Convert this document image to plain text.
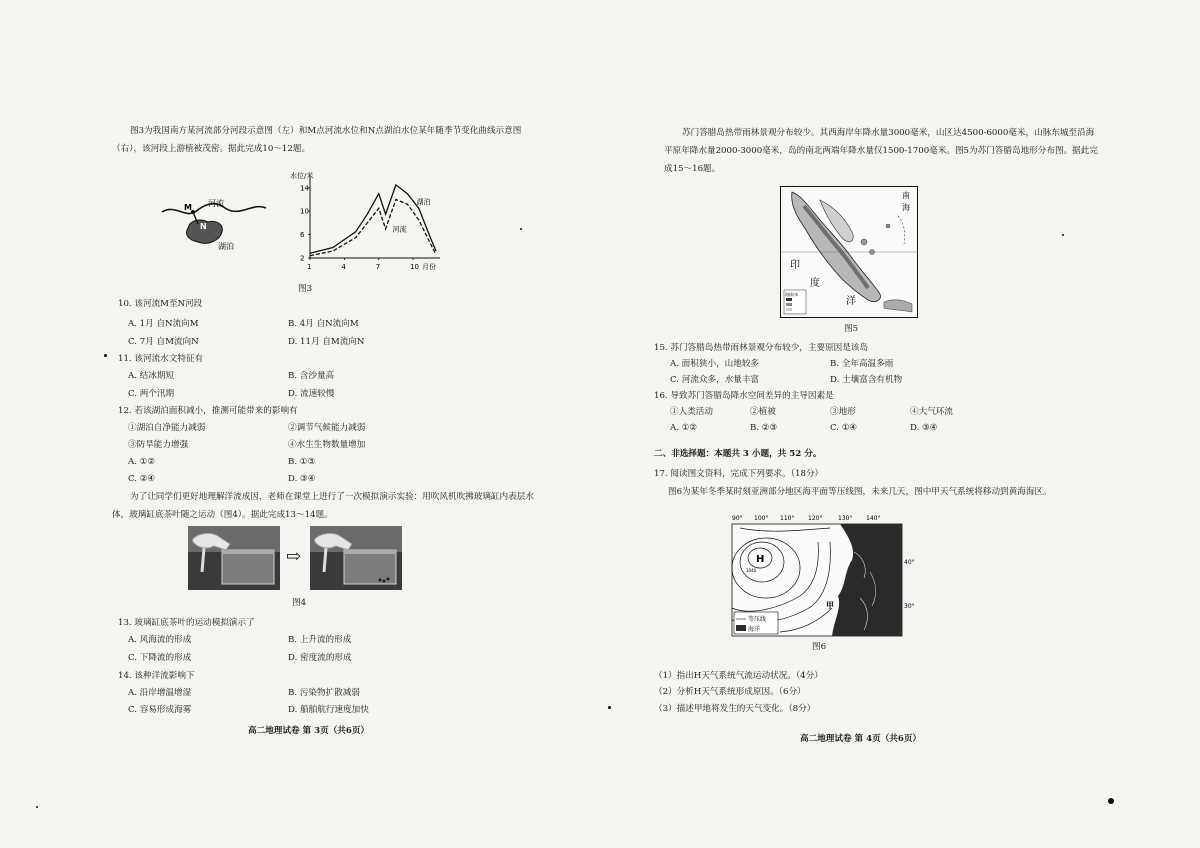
图3为我国南方某河流部分河段示意图（左）和M点河流水位和N点湖泊水位某年随季节变化曲线示意图（右），该河段上游植被茂密。据此完成10～12题。
M
N
河流
湖泊
水位/米
月份
2
6
10
14
1	4	7	10
湖泊
河流
图3
10. 该河流M至N河段
A. 1月 自N流向M	B. 4月 自N流向M
C. 7月 自M流向N	D. 11月 自M流向N
11. 该河流水文特征有
A. 结冰期短	B. 含沙量高
C. 两个汛期	D. 流速较慢
12. 若该湖泊面积减小，推测可能带来的影响有
①湖泊自净能力减弱	②调节气候能力减弱
③防旱能力增强	④水生生物数量增加
A. ①②	B. ①③
C. ②④	D. ③④
为了让同学们更好地理解洋流成因，老师在课堂上进行了一次模拟演示实验：用吹风机吹拂玻璃缸内表层水体，玻璃缸底茶叶随之运动（图4）。据此完成13～14题。
⇨
图4
13. 玻璃缸底茶叶的运动模拟演示了
A. 风海流的形成	B. 上升流的形成
C. 下降流的形成	D. 密度流的形成
14. 该种洋流影响下
A. 沿岸增温增湿	B. 污染物扩散减弱
C. 容易形成海雾	D. 船舶航行速度加快
高二地理试卷 第 3页（共6页）
苏门答腊岛热带雨林景观分布较少。其西海岸年降水量3000毫米，山区达4500-6000毫米，山脉东城至沿海平原年降水量2000-3000毫米，岛的南北两端年降水量仅1500-1700毫米。图5为苏门答腊岛地形分布图。据此完成15～16题。
印
度
洋
南
海
海拔/米
图5
15. 苏门答腊岛热带雨林景观分布较少，主要原因是该岛
A. 面积狭小，山地较多	B. 全年高温多雨
C. 河流众多，水量丰富	D. 土壤富含有机物
16. 导致苏门答腊岛降水空间差异的主导因素是
①人类活动	②植被	③地形	④大气环流
A. ①②	B. ②③	C. ①④	D. ③④
二、非选择题：本题共 3 小题，共 52 分。
17. 阅读图文资料，完成下列要求。（18分）
图6为某年冬季某时刻亚洲部分地区海平面等压线图，未来几天，图中甲天气系统将移动到黄海海区。
90° 100° 110° 120°	130° 140°
H
1040
甲
40°
30°
等压线
海洋
图6
（1）指出H天气系统气流运动状况。（4分）
（2）分析H天气系统形成原因。（6分）
（3）描述甲地将发生的天气变化。（8分）
高二地理试卷 第 4页（共6页）
